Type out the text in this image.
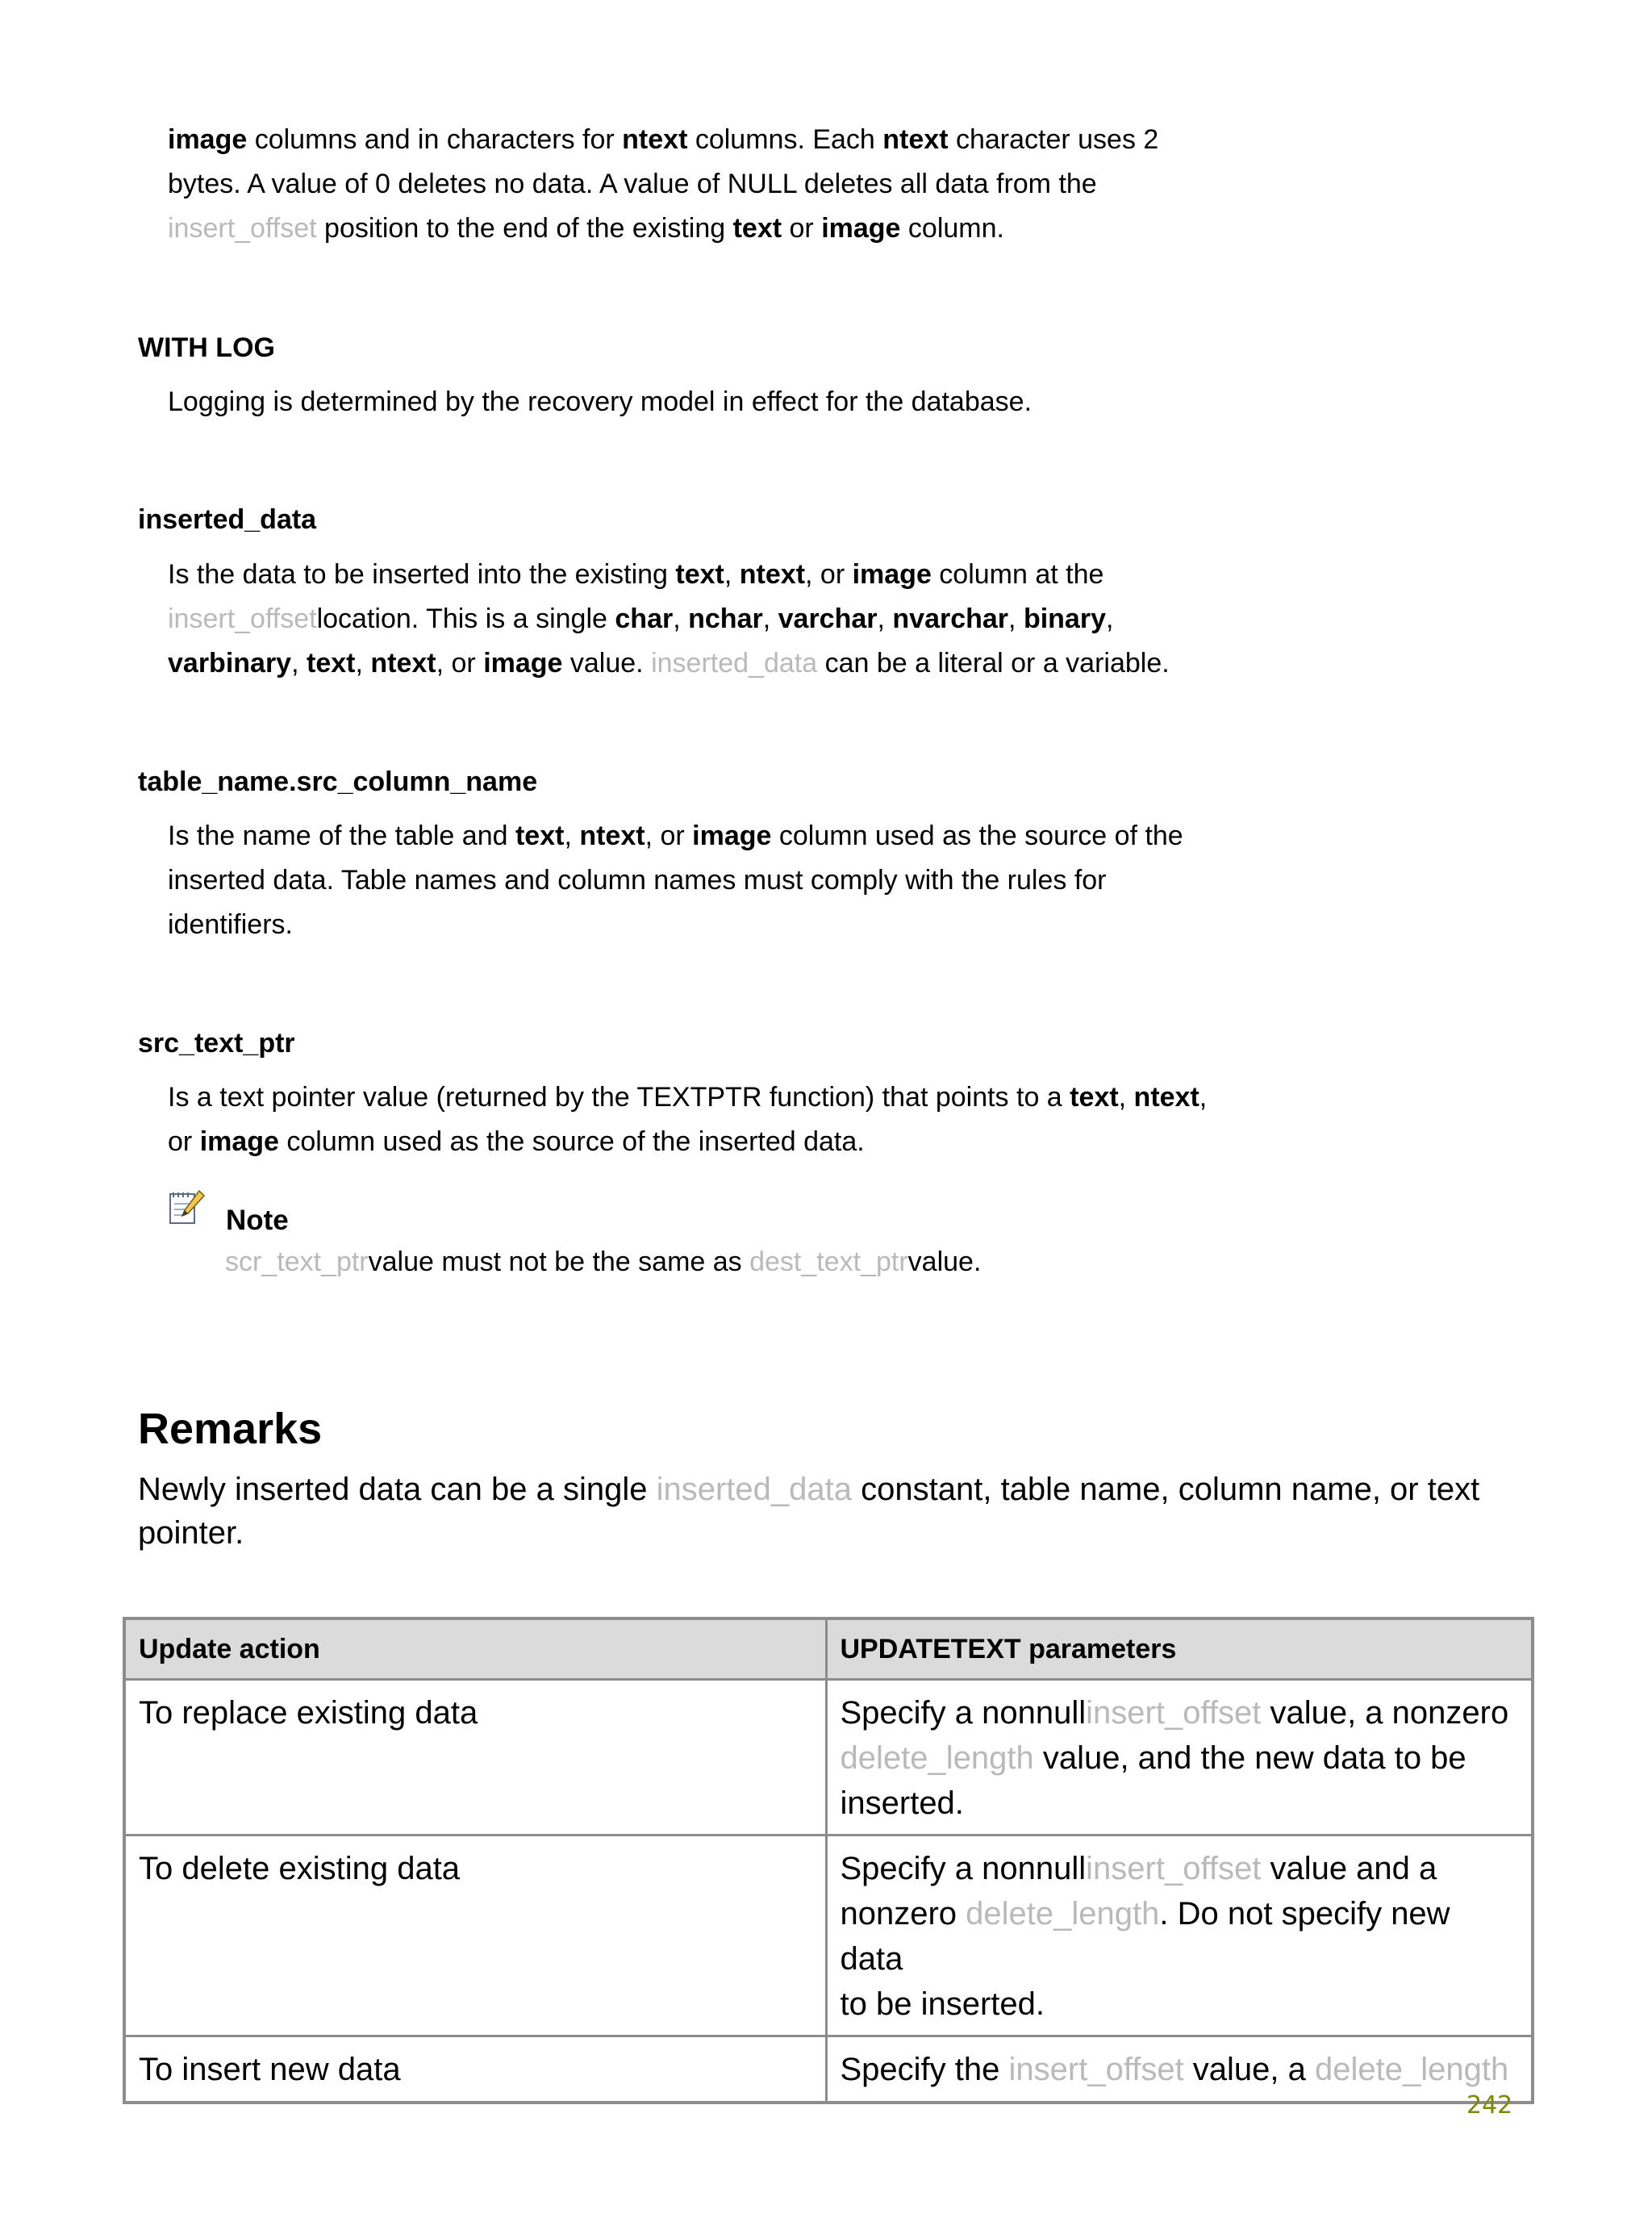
image columns and in characters for ntext columns. Each ntext character uses 2
bytes. A value of 0 deletes no data. A value of NULL deletes all data from the
insert_offset position to the end of the existing text or image column.
WITH LOG
Logging is determined by the recovery model in effect for the database.
inserted_data
Is the data to be inserted into the existing text, ntext, or image column at the
insert_offsetlocation. This is a single char, nchar, varchar, nvarchar, binary,
varbinary, text, ntext, or image value. inserted_data can be a literal or a variable.
table_name.src_column_name
Is the name of the table and text, ntext, or image column used as the source of the
inserted data. Table names and column names must comply with the rules for
identifiers.
src_text_ptr
Is a text pointer value (returned by the TEXTPTR function) that points to a text, ntext,
or image column used as the source of the inserted data.
Note
scr_text_ptrvalue must not be the same as dest_text_ptrvalue.
Remarks
Newly inserted data can be a single inserted_data constant, table name, column name, or text
pointer.
Update action	UPDATETEXT parameters
To replace existing data	Specify a nonnullinsert_offset value, a nonzero
delete_length value, and the new data to be
inserted.

To delete existing data	Specify a nonnullinsert_offset value and a
nonzero delete_length. Do not specify new data
to be inserted.

To insert new data	Specify the insert_offset value, a delete_length
242
